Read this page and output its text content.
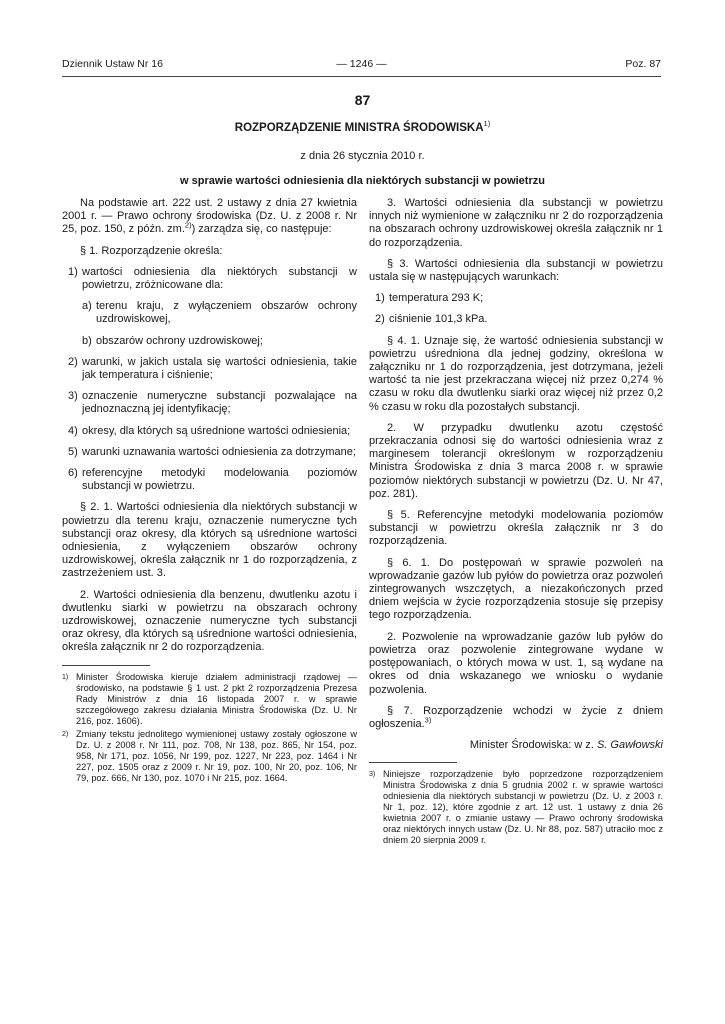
Dziennik Ustaw Nr 16	— 1246 —	Poz. 87
87
ROZPORZĄDZENIE MINISTRA ŚRODOWISKA$^{1)}$
z dnia 26 stycznia 2010 r.
w sprawie wartości odniesienia dla niektórych substancji w powietrzu

Na podstawie art. 222 ust. 2 ustawy z dnia 27 kwietnia 2001 r. — Prawo ochrony środowiska (Dz. U. z 2008 r. Nr 25, poz. 150, z późn. zm.$^{2)}$) zarządza się, co następuje:

§ 1. Rozporządzenie określa:

1) wartości odniesienia dla niektórych substancji w powietrzu, zróżnicowane dla:
a) terenu kraju, z wyłączeniem obszarów ochrony uzdrowiskowej,
b) obszarów ochrony uzdrowiskowej;
2) warunki, w jakich ustala się wartości odniesienia, takie jak temperatura i ciśnienie;
3) oznaczenie numeryczne substancji pozwalające na jednoznaczną jej identyfikację;
4) okresy, dla których są uśrednione wartości odniesienia;
5) warunki uznawania wartości odniesienia za dotrzymane;
6) referencyjne metodyki modelowania poziomów substancji w powietrzu.

§ 2. 1. Wartości odniesienia dla niektórych substancji w powietrzu dla terenu kraju, oznaczenie numeryczne tych substancji oraz okresy, dla których są uśrednione wartości odniesienia, z wyłączeniem obszarów ochrony uzdrowiskowej, określa załącznik nr 1 do rozporządzenia, z zastrzeżeniem ust. 3.

2. Wartości odniesienia dla benzenu, dwutlenku azotu i dwutlenku siarki w powietrzu na obszarach ochrony uzdrowiskowej, oznaczenie numeryczne tych substancji oraz okresy, dla których są uśrednione wartości odniesienia, określa załącznik nr 2 do rozporządzenia.

1) Minister Środowiska kieruje działem administracji rządowej — środowisko, na podstawie § 1 ust. 2 pkt 2 rozporządzenia Prezesa Rady Ministrów z dnia 16 listopada 2007 r. w sprawie szczegółowego zakresu działania Ministra Środowiska (Dz. U. Nr 216, poz. 1606).
2) Zmiany tekstu jednolitego wymienionej ustawy zostały ogłoszone w Dz. U. z 2008 r. Nr 111, poz. 708, Nr 138, poz. 865, Nr 154, poz. 958, Nr 171, poz. 1056, Nr 199, poz. 1227, Nr 223, poz. 1464 i Nr 227, poz. 1505 oraz z 2009 r. Nr 19, poz. 100, Nr 20, poz. 106, Nr 79, poz. 666, Nr 130, poz. 1070 i Nr 215, poz. 1664.

3. Wartości odniesienia dla substancji w powietrzu innych niż wymienione w załączniku nr 2 do rozporządzenia na obszarach ochrony uzdrowiskowej określa załącznik nr 1 do rozporządzenia.

§ 3. Wartości odniesienia dla substancji w powietrzu ustala się w następujących warunkach:

1) temperatura 293 K;
2) ciśnienie 101,3 kPa.

§ 4. 1. Uznaje się, że wartość odniesienia substancji w powietrzu uśredniona dla jednej godziny, określona w załączniku nr 1 do rozporządzenia, jest dotrzymana, jeżeli wartość ta nie jest przekraczana więcej niż przez 0,274 % czasu w roku dla dwutlenku siarki oraz więcej niż przez 0,2 % czasu w roku dla pozostałych substancji.

2. W przypadku dwutlenku azotu częstość przekraczania odnosi się do wartości odniesienia wraz z marginesem tolerancji określonym w rozporządzeniu Ministra Środowiska z dnia 3 marca 2008 r. w sprawie poziomów niektórych substancji w powietrzu (Dz. U. Nr 47, poz. 281).

§ 5. Referencyjne metodyki modelowania poziomów substancji w powietrzu określa załącznik nr 3 do rozporządzenia.

§ 6. 1. Do postępowań w sprawie pozwoleń na wprowadzanie gazów lub pyłów do powietrza oraz pozwoleń zintegrowanych wszczętych, a niezakończonych przed dniem wejścia w życie rozporządzenia stosuje się przepisy tego rozporządzenia.

2. Pozwolenie na wprowadzanie gazów lub pyłów do powietrza oraz pozwolenie zintegrowane wydane w postępowaniach, o których mowa w ust. 1, są wydane na okres od dnia wskazanego we wniosku o wydanie pozwolenia.

§ 7. Rozporządzenie wchodzi w życie z dniem ogłoszenia.$^{3)}$

Minister Środowiska: w z. S. Gawłowski

3) Niniejsze rozporządzenie było poprzedzone rozporządzeniem Ministra Środowiska z dnia 5 grudnia 2002 r. w sprawie wartości odniesienia dla niektórych substancji w powietrzu (Dz. U. z 2003 r. Nr 1, poz. 12), które zgodnie z art. 12 ust. 1 ustawy z dnia 26 kwietnia 2007 r. o zmianie ustawy — Prawo ochrony środowiska oraz niektórych innych ustaw (Dz. U. Nr 88, poz. 587) utraciło moc z dniem 20 sierpnia 2009 r.
